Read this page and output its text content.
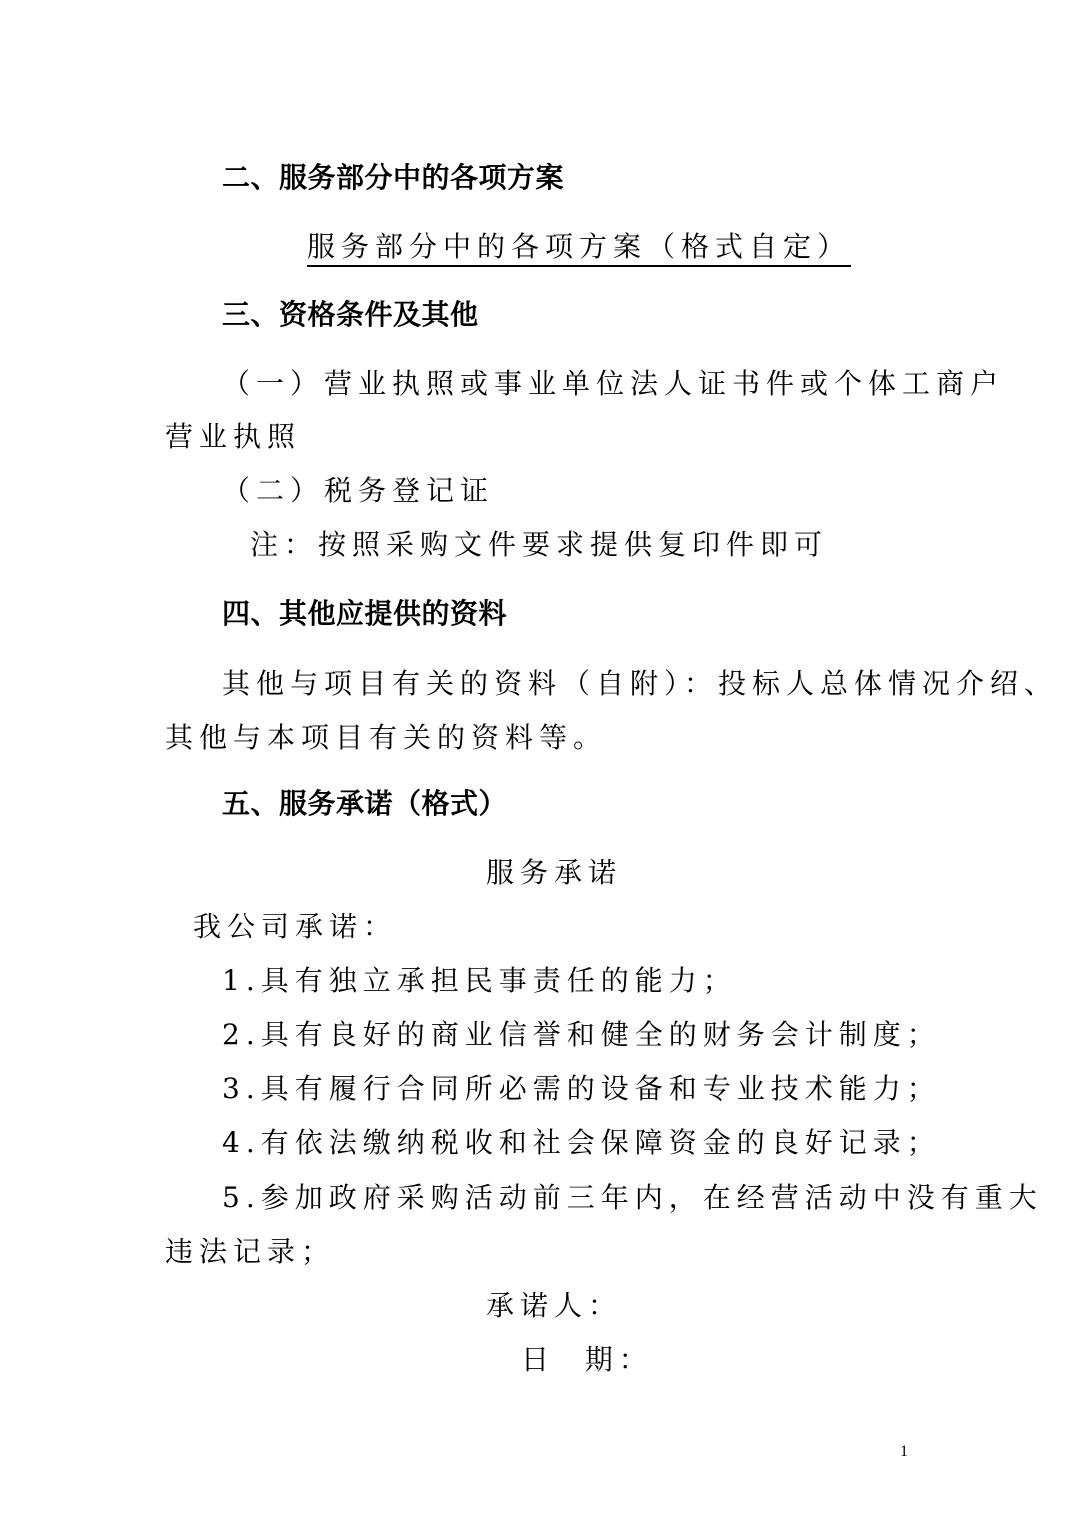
二、服务部分中的各项方案
服务部分中的各项方案（格式自定）
三、资格条件及其他
（一）营业执照或事业单位法人证书件或个体工商户
营业执照
（二）税务登记证
注：按照采购文件要求提供复印件即可
四、其他应提供的资料
其他与项目有关的资料（自附）：投标人总体情况介绍、
其他与本项目有关的资料等。
五、服务承诺（格式）
服务承诺
我公司承诺：
1.具有独立承担民事责任的能力；
2.具有良好的商业信誉和健全的财务会计制度；
3.具有履行合同所必需的设备和专业技术能力；
4.有依法缴纳税收和社会保障资金的良好记录；
5.参加政府采购活动前三年内，在经营活动中没有重大
违法记录；
承诺人：
日  期：
1
